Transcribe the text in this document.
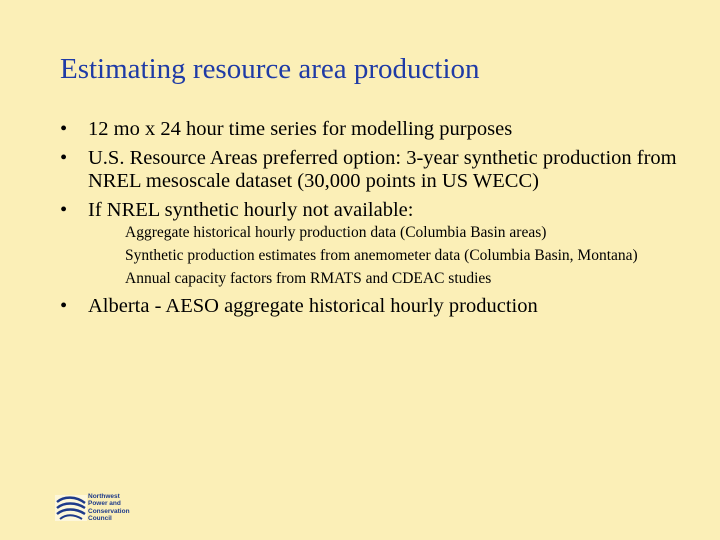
Estimating resource area production
•	12 mo x 24 hour time series for modelling purposes
•	U.S. Resource Areas preferred option: 3-year synthetic production from NREL mesoscale dataset (30,000 points in US WECC)
•	If NREL synthetic hourly not available:
Aggregate historical hourly production data (Columbia Basin areas)
Synthetic production estimates from anemometer data (Columbia Basin, Montana)
Annual capacity factors from RMATS and CDEAC studies
•	Alberta - AESO aggregate historical hourly production
Northwest
Power and
Conservation
Council
